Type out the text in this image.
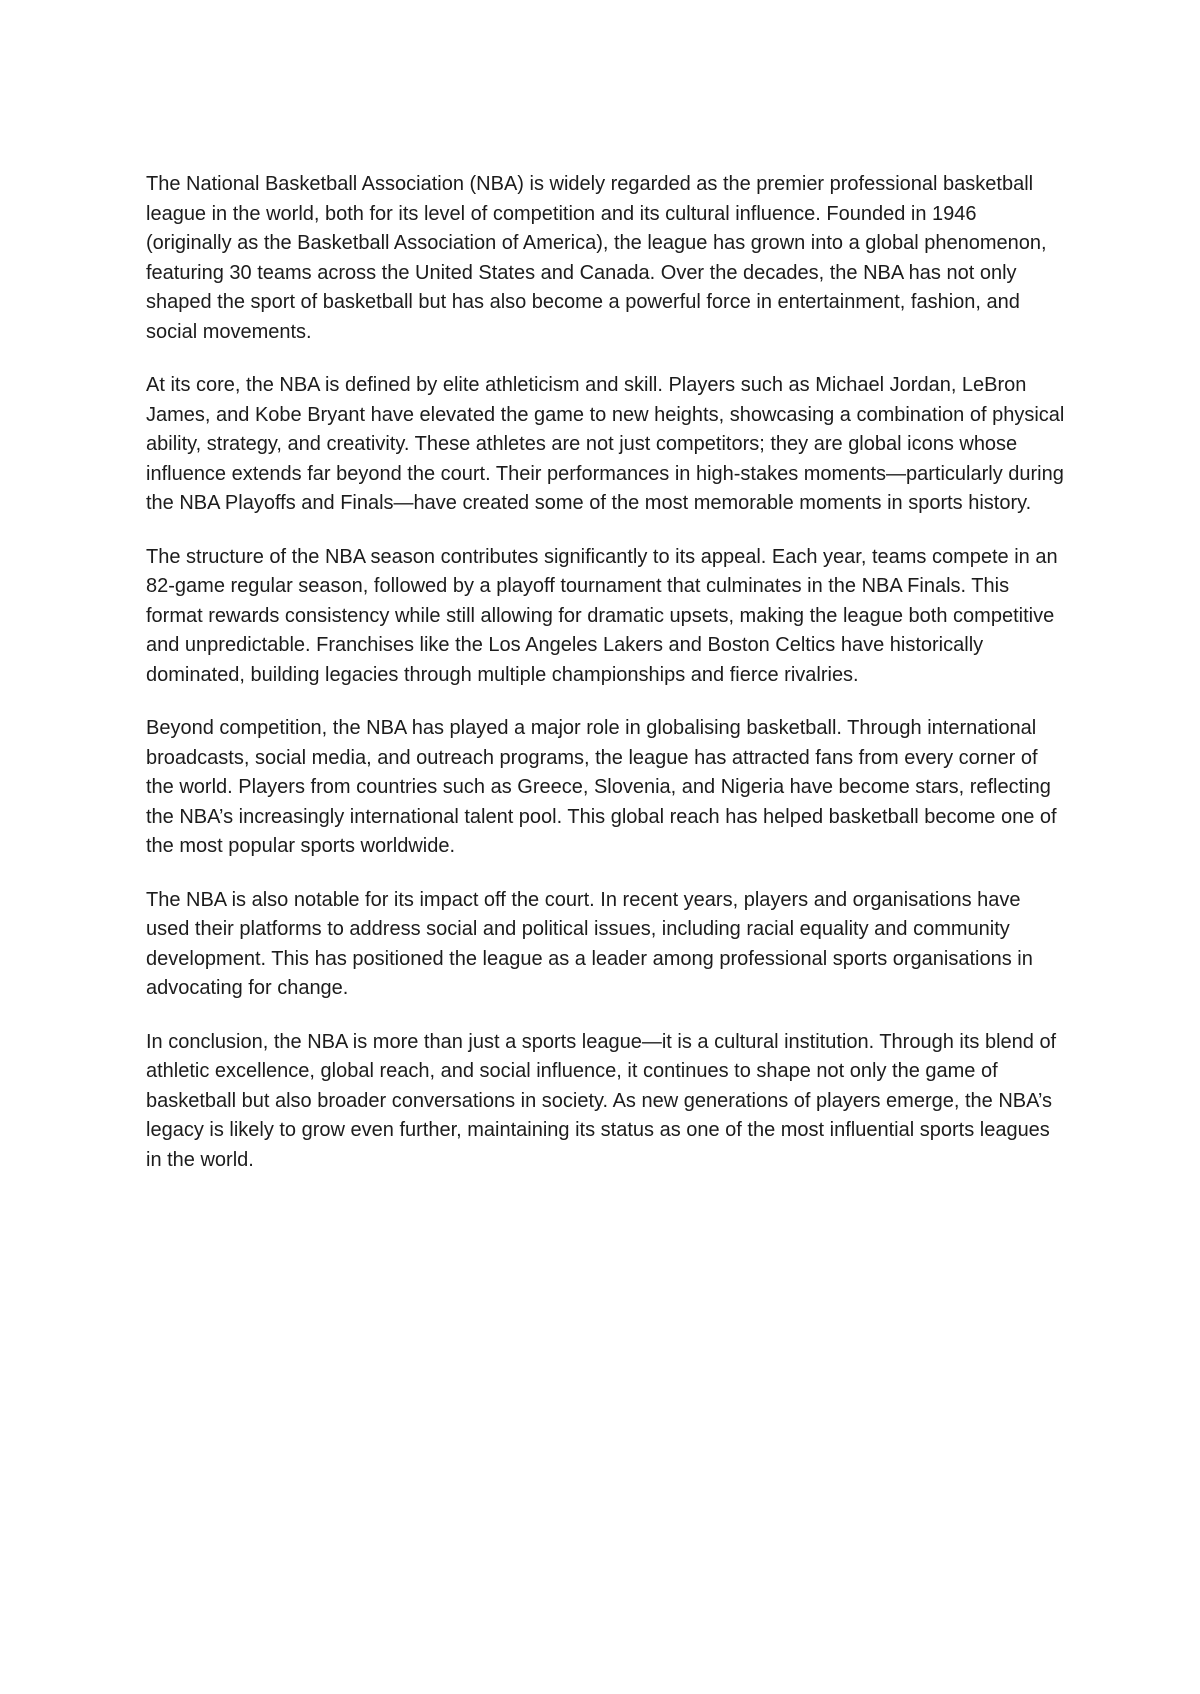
The National Basketball Association (NBA) is widely regarded as the premier professional basketball league in the world, both for its level of competition and its cultural influence. Founded in 1946 (originally as the Basketball Association of America), the league has grown into a global phenomenon, featuring 30 teams across the United States and Canada. Over the decades, the NBA has not only shaped the sport of basketball but has also become a powerful force in entertainment, fashion, and social movements.

At its core, the NBA is defined by elite athleticism and skill. Players such as Michael Jordan, LeBron James, and Kobe Bryant have elevated the game to new heights, showcasing a combination of physical ability, strategy, and creativity. These athletes are not just competitors; they are global icons whose influence extends far beyond the court. Their performances in high-stakes moments—particularly during the NBA Playoffs and Finals—have created some of the most memorable moments in sports history.

The structure of the NBA season contributes significantly to its appeal. Each year, teams compete in an 82-game regular season, followed by a playoff tournament that culminates in the NBA Finals. This format rewards consistency while still allowing for dramatic upsets, making the league both competitive and unpredictable. Franchises like the Los Angeles Lakers and Boston Celtics have historically dominated, building legacies through multiple championships and fierce rivalries.

Beyond competition, the NBA has played a major role in globalising basketball. Through international broadcasts, social media, and outreach programs, the league has attracted fans from every corner of the world. Players from countries such as Greece, Slovenia, and Nigeria have become stars, reflecting the NBA’s increasingly international talent pool. This global reach has helped basketball become one of the most popular sports worldwide.

The NBA is also notable for its impact off the court. In recent years, players and organisations have used their platforms to address social and political issues, including racial equality and community development. This has positioned the league as a leader among professional sports organisations in advocating for change.

In conclusion, the NBA is more than just a sports league—it is a cultural institution. Through its blend of athletic excellence, global reach, and social influence, it continues to shape not only the game of basketball but also broader conversations in society. As new generations of players emerge, the NBA’s legacy is likely to grow even further, maintaining its status as one of the most influential sports leagues in the world.
